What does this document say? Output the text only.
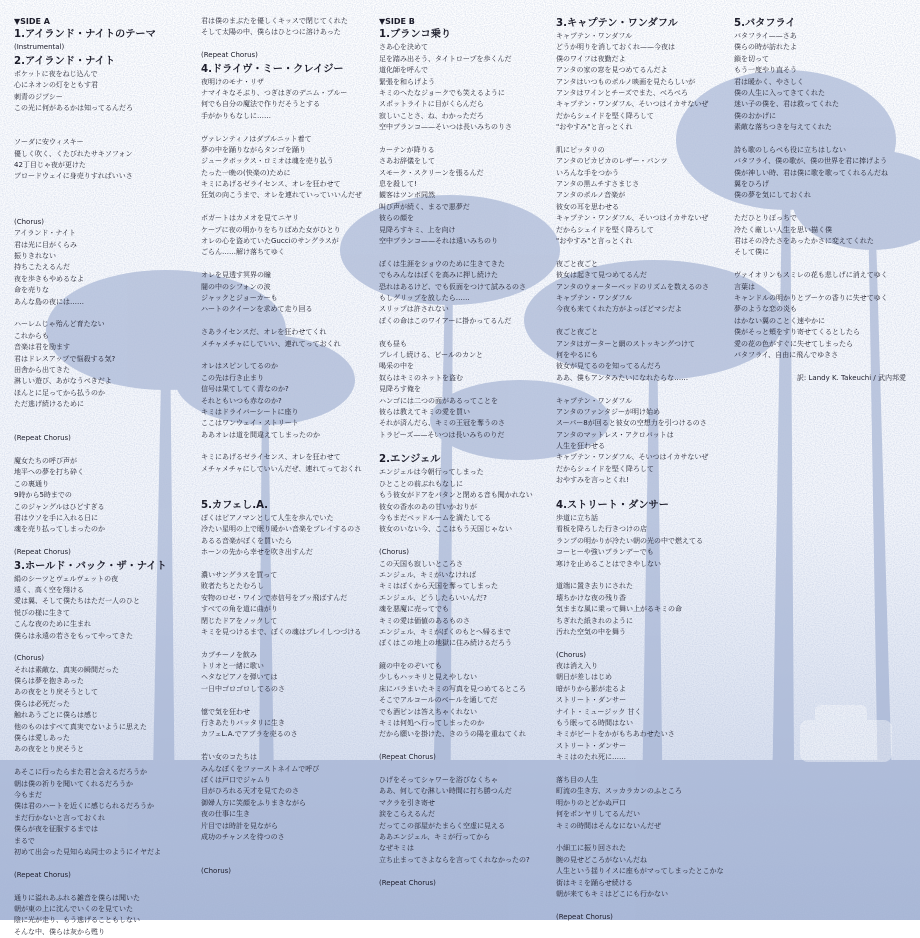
▼SIDE A
1.アイランド・ナイトのテーマ
(Instrumental)
2.アイランド・ナイト
ポケットに夜をねじ込んで
心にネオンの灯をともす君
刺青のジプシー
この光に何があるかは知ってるんだろ

ソーダに安ウィスキー
優しく吹く、くたびれたサキソフォン
42丁目じゃ夜が更けた
ブロードウェイに身売りすればいいさ

(Chorus)
アイランド・ナイト
君は光に目がくらみ
振りきれない
持ちこたえるんだ
夜を歩きもやめるなよ
命を売りな
あんな島の夜には……

ハーレムじゃ殆んど育たない
これからも
音楽は君を励ます
君はドレスアップで悩殺する気?
田舎から出てきた
淋しい遊び、あがなうべきだよ
ほんとに足ってから払うのか
ただ逃げ続けるために

(Repeat Chorus)

魔女たちの呼び声が
地平への夢を打ち砕く
この裏通り
9時から5時までの
このジャングルはひどすぎる
君はウソを手に入れる日に
魂を売り払ってしまったのか

(Repeat Chorus)
3.ホールド・バック・ザ・ナイト
絹のシーツとヴェルヴェットの夜
遠く、高く空を翔ける
愛は翼、そして僕たちはただ一人のひと
悦びの様に生きて
こんな夜のために生まれ
僕らは永遠の若さをもってやってきた

(Chorus)
それは素敵な、真実の瞬間だった
僕らは夢を抱きあった
あの夜をとり戻そうとして
僕らは必死だった
触れあうごとに僕らは感じ
他のものはすべて真実でないように思えた
僕らは愛しあった
あの夜をとり戻そうと

あそこに行ったらまた君と会えるだろうか
朝は僕の祈りを聞いてくれるだろうか
今もまだ
僕は君のハートを近くに感じられるだろうか
まだ行かないと言っておくれ
僕らが夜を征服するまでは
まるで
初めて出会った見知らぬ同士のようにイヤだよ

(Repeat Chorus)

通りに溢れあふれる雑音を僕らは聞いた
朝が東の上に沈んでいくのを見ていた
陰に光が走り、もう逃げることもしない
そんな中、僕らは灰から甦り
君は僕のまぶたを優しくキッスで閉じてくれた
そして太陽の中、僕らはひとつに溶けあった

(Repeat Chorus)
4.ドライヴ・ミー・クレイジー
夜明けのモナ・リザ
ナマイキなそぶり、つぎはぎのデニム・ブルー
何でも自分の魔法で作りだそうとする
手がかりもなしに……

ヴァレンティノはダブルニット着て
夢の中を踊りながらタンゴを踊り
ジュークボックス・ロミオは魂を売り払う
たった一晩の(快楽の)ために
キミにあげるゼライセンス、オレを狂わせて
狂気の向こうまで、オレを連れていっていいんだぜ

ボガートはカメオを見てニヤリ
ケープに夜の明かりをちりばめた女がひとり
オレの心を盗めていたGucciのサングラスが
ごらん……解け落ちてゆく

オレを見透す冥界の瞳
闇の中のシフォンの波
ジャックとジョーカーも
ハートのクイーンを求めて走り回る

さあライセンスだ、オレを狂わせてくれ
メチャメチャにしていい、連れてっておくれ

オレはスピンしてるのか
この先は行き止まり
信号は果てしてく青なのか?
それともいつも赤なのか?
キミはドライバーシートに座り
ここはワンウェイ・ストリート
ああオレは道を間違えてしまったのか

キミにあげるゼライセンス、オレを狂わせて
メチャメチャにしていいんだぜ、連れてっておくれ

5.カフェし.A.
ぼくはピアノマンとして人生を歩んでいた
冷たい星明の上で眠り暖かい音楽をプレイするのさ
あるる音楽がぼくを買いたら
ホーンの先から幸せを吹き出すんだ

濃いサングラスを買って
敗者たちとたむろし
安物のロゼ・ワインで赤信号をブッ飛ばすんだ
すべての角を道に曲がり
閉じたドアをノックして
キミを見つけるまで、ぼくの魂はプレイしつづける

カプチーノを飲み
トリオと一緒に歌い
ヘタなピアノを弾いては
一日中ゴロゴロしてるのさ

憶で気を狂わせ
行きあたりバッタリに生き
カフェL.A.でアブラを売るのさ

若い女のコたちは
みんなぼくをファーストネイムで呼び
ぼくは戸口でジャムり
目がひろれる天才を見てたのさ
御婦人方に笑顔をふりまきながら
夜の仕事に生き
片目では時計を見ながら
成功のチャンスを待つのさ

(Chorus)
▼SIDE B
1.ブランコ乗り
さあ心を決めて
足を踏み出そう、タイトロープを歩くんだ
道化師を呼んで
緊張を和らげよう
キミのへたなジョークでも笑えるように
スポットライトに目がくらんだら
寂しいことさ、ね、わかっただろ
空中ブランコ——そいつは長いみちのりさ

カーテンが降りる
さあお辞儀をして
スモーク・スクリーンを張るんだ
息を殺して!
観客はツンボ同然
叫び声が続く、まるで悪夢だ
彼らの顔を
見降ろすキミ、上を向け
空中ブランコ——それは遠いみちのり

ぼくは生涯をショウのために生きてきた
でもみんなはぼくを高みに押し続けた
恐れはあるけど、でも仮面をつけて試みるのさ
もしグリップを放したら……
スリップは許されない
ぼくの命はこのワイアーに掛かってるんだ

夜も昼も
プレイし続ける、ビールのカンと
喝采の中を
奴らはキミのネットを盗む
見降ろす俺を
ハンゴには二つの面があるってことを
彼らは教えてキミの愛を買い
それが済んだら、キミの王冠を奪うのさ
トラピーズ——そいつは長いみちのりだ

2.エンジェル
エンジェルは今朝行ってしまった
ひとことの前ぶれもなしに
もう彼女がドアをバタンと閉める音も聞かれない
彼女の香水のあの甘いかおりが
今もまだベッドルームを満たしてる
彼女のいない今、ここはもう天国じゃない

(Chorus)
この天国も寂しいところさ
エンジェル、キミがいなければ
キミはぼくから天国を奪ってしまった
エンジェル、どうしたらいいんだ?
魂を悪魔に売ってでも
キミの愛は価値のあるものさ
エンジェル、キミがぼくのもとへ帰るまで
ぼくはこの地上の地獄に住み続けるだろう

鏡の中をのぞいても
少しもハッキリと見えやしない
床にバラまいたキミの写真を見つめてるところ
そこでアルコールのベールを通してだ
でも酒ビンは答えちゃくれない
キミは何処へ行ってしまったのか
だから願いを掛けた、きのうの陽を重ねてくれ

(Repeat Chorus)

ひげをそってシャワーを浴びなくちゃ
ああ、何してむ淋しい時間に打ち勝つんだ
マクラを引き寄せ
涙をこらえるんだ
だってこの部屋がたまらく空虚に見える
ああエンジェル、キミが行ってから
なぜキミは
立ち止まってさよならを言ってくれなかったの?

(Repeat Chorus)
3.キャプテン・ワンダフル
キャプテン・ワンダフル
どうか明りを消しておくれ——今夜は
僕のワイフは夜勤だよ
アンタの家の窓を見つめてるんだよ
アンタはいつものポルノ映画を見たらしいが
アンタはワインとチーズでまた、べろべろ
キャプテン・ワンダフル、そいつはイカサないぜ
だからシェイドを堅く降ろして
"おやすみ"と言っとくれ

肌にピッタリの
アンタのピカピカのレザー・パンツ
いろんな手をつかう
アンタの黒ムチすさまじさ
アンタのポルノ音楽が
彼女の耳を思わせる
キャプテン・ワンダフル、そいつはイカサないぜ
だからシェイドを堅く降ろして
"おやすみ"と言っとくれ

夜ごと夜ごと
彼女は起きて見つめてるんだ
アンタのウォーターベッドのリズムを数えるのさ
キャプテン・ワンダフル
今夜も来てくれた方がよっぽどマシだよ

夜ごと夜ごと
アンタはガーターと網のストッキングつけて
何をやるにも
彼女が見てるのを知ってるんだろ
ああ、僕もアンタみたいになれたらな……

キャプテン・ワンダフル
アンタのファンタジーが明け始め
スーパー8が回ると彼女の空想力を引つけるのさ
アンタのマットレス・アクロバットは
人生を狂わせる
キャプテン・ワンダフル、そいつはイカサないぜ
だからシェイドを堅く降ろして
おやすみを言っとくれ!

4.ストリート・ダンサー
歩道に立ち話
看板を降ろした行きつけの店
ランプの明かりが冷たい朝の光の中で燃えてる
コーヒーや強いブランデーでも
寒けを止めることはできやしない

道端に置き去りにされた
壊ちかけな夜の残り香
気ままな風に乗って舞い上がるキミの命
ちぎれた紙きれのように
汚れた空気の中を舞う

(Chorus)
夜は消え入り
朝日が差しはじめ
暗がりから影が走るよ
ストリート・ダンサー
ナイト・ミュージック 甘く
もう眠ってる時間はない
キミがビートをかがもちあわせたいさ
ストリート・ダンサー
キミはのたれ死に……

落ち目の人生
町流の生き方、スッカラカンのふところ
明かりのとどかぬ戸口
何をポンヤリしてるんだい
キミの時間はそんなにないんだぜ

小細工に振り回された
腕の見せどころがないんだね
人生という揺りイスに座もがマってしまったとこかな
街はキミを踊らせ続ける
朝が来てもキミはどこにも行かない

(Repeat Chorus)
5.バタフライ
バタフライ——さあ
僕らの時が訪れたよ
鎖を切って
もう一度やり直そう
君は暖かく、やさしく
僕の人生に入ってきてくれた
迷い子の僕を、君は救ってくれた
僕のおかげに
素敵な落ちつきを与えてくれた

詩も歌のしらべも役に立ちはしない
バタフライ、僕の歌が、僕の世界を君に捧げよう
僕が神しい時、君は僕に歌を歌ってくれるんだね
翼をひろげ
僕の夢を気にしておくれ

ただひとりぽっちで
冷たく厳しい人生を思い描く僕
君はその冷たさをあったかさに変えてくれた
そして僕に

ヴァイオリンもスミレの花も悲しげに消えてゆく
言葉は
キャンドルの明かりとブーケの香りに失せてゆく
夢のような恋の炎も
はかない翼のことく速やかに
僕がそっと頬をすり寄せてくるとしたら
愛の花の色がすぐに失せてしまったら
バタフライ、自由に飛んでゆきさ

訳: Landy K. Takeuchi / 武内邦愛
